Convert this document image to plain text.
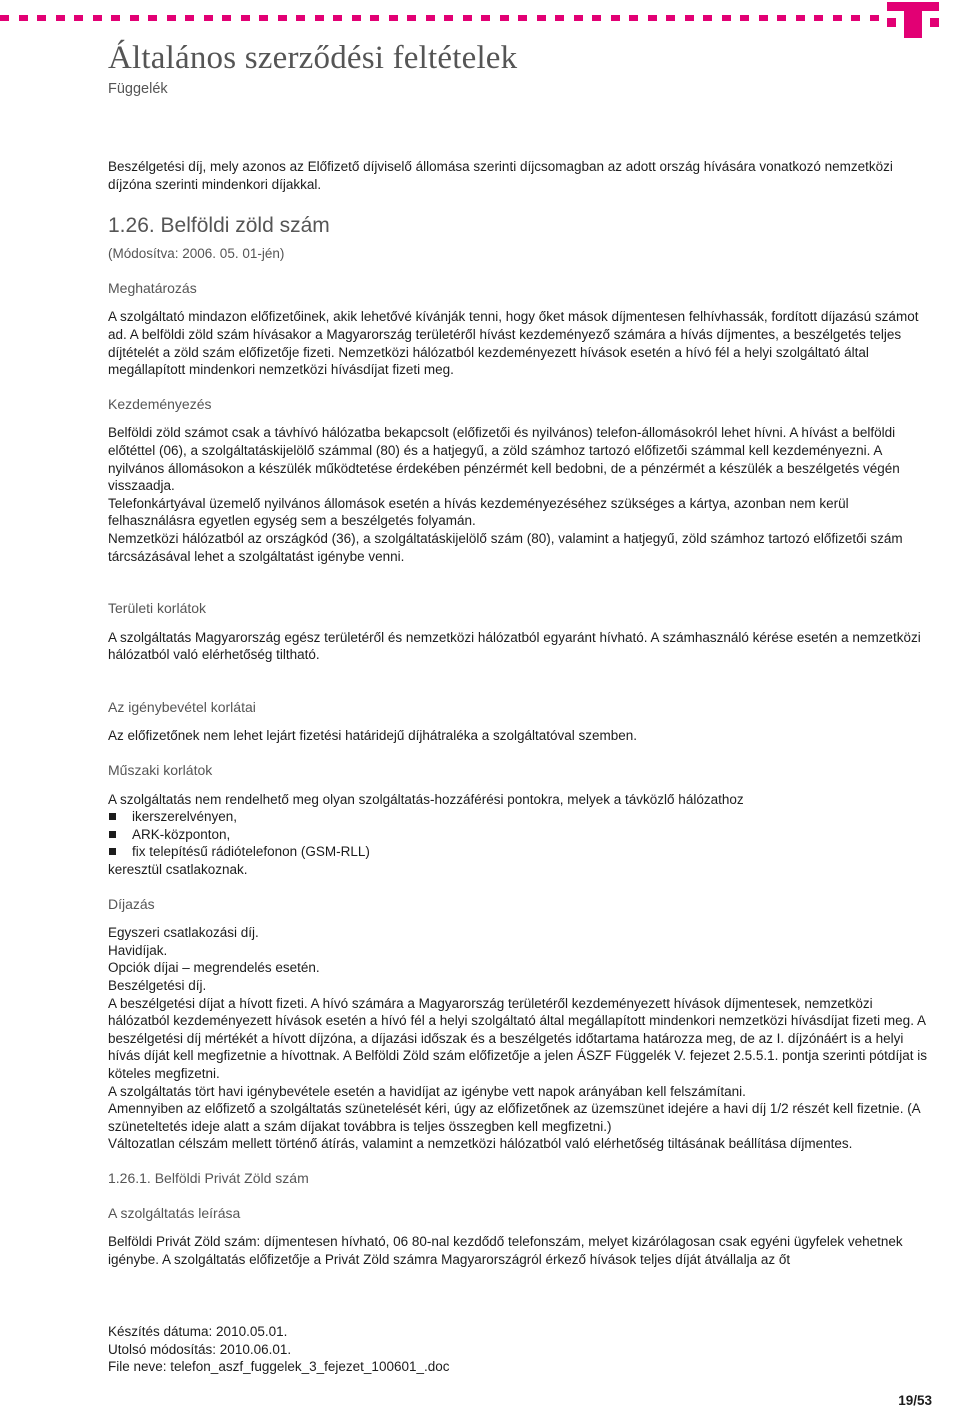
Általános szerződési feltételek
Függelék

Beszélgetési díj, mely azonos az Előfizető díjviselő állomása szerinti díjcsomagban az adott ország hívására vonatkozó nemzetközi díjzóna szerinti mindenkori díjakkal.

1.26. Belföldi zöld szám

(Módosítva: 2006. 05. 01-jén)

Meghatározás

A szolgáltató mindazon előfizetőinek, akik lehetővé kívánják tenni, hogy őket mások díjmentesen felhívhassák, fordított díjazású számot ad. A belföldi zöld szám hívásakor a Magyarország területéről hívást kezdeményező számára a hívás díjmentes, a beszélgetés teljes díjtételét a zöld szám előfizetője fizeti. Nemzetközi hálózatból kezdeményezett hívások esetén a hívó fél a helyi szolgáltató által megállapított mindenkori nemzetközi hívásdíjat fizeti meg.

Kezdeményezés

Belföldi zöld számot csak a távhívó hálózatba bekapcsolt (előfizetői és nyilvános) telefon-állomásokról lehet hívni. A hívást a belföldi előtéttel (06), a szolgáltatáskijelölő számmal (80) és a hatjegyű, a zöld számhoz tartozó előfizetői számmal kell kezdeményezni. A nyilvános állomásokon a készülék működtetése érdekében pénzérmét kell bedobni, de a pénzérmét a készülék a beszélgetés végén visszaadja.

Telefonkártyával üzemelő nyilvános állomások esetén a hívás kezdeményezéséhez szükséges a kártya, azonban nem kerül felhasználásra egyetlen egység sem a beszélgetés folyamán.

Nemzetközi hálózatból az országkód (36), a szolgáltatáskijelölő szám (80), valamint a hatjegyű, zöld számhoz tartozó előfizetői szám tárcsázásával lehet a szolgáltatást igénybe venni.

Területi korlátok

A szolgáltatás Magyarország egész területéről és nemzetközi hálózatból egyaránt hívható. A számhasználó kérése esetén a nemzetközi hálózatból való elérhetőség tiltható.

Az igénybevétel korlátai

Az előfizetőnek nem lehet lejárt fizetési határidejű díjhátraléka a szolgáltatóval szemben.

Műszaki korlátok

A szolgáltatás nem rendelhető meg olyan szolgáltatás-hozzáférési pontokra, melyek a távközlő hálózathoz

ikerszerelvényen,
ARK-központon,
fix telepítésű rádiótelefonon (GSM-RLL)

keresztül csatlakoznak.

Díjazás

Egyszeri csatlakozási díj.

Havidíjak.

Opciók díjai – megrendelés esetén.

Beszélgetési díj.

A beszélgetési díjat a hívott fizeti. A hívó számára a Magyarország területéről kezdeményezett hívások díjmentesek, nemzetközi hálózatból kezdeményezett hívások esetén a hívó fél a helyi szolgáltató által megállapított mindenkori nemzetközi hívásdíjat fizeti meg. A beszélgetési díj mértékét a hívott díjzóna, a díjazási időszak és a beszélgetés időtartama határozza meg, de az I. díjzónáért is a helyi hívás díját kell megfizetnie a hívottnak. A Belföldi Zöld szám előfizetője a jelen ÁSZF Függelék V. fejezet 2.5.5.1. pontja szerinti pótdíjat is köteles megfizetni.

A szolgáltatás tört havi igénybevétele esetén a havidíjat az igénybe vett napok arányában kell felszámítani.

Amennyiben az előfizető a szolgáltatás szünetelését kéri, úgy az előfizetőnek az üzemszünet idejére a havi díj 1/2 részét kell fizetnie. (A szüneteltetés ideje alatt a szám díjakat továbbra is teljes összegben kell megfizetni.)

Változatlan célszám mellett történő átírás, valamint a nemzetközi hálózatból való elérhetőség tiltásának beállítása díjmentes.

1.26.1. Belföldi Privát Zöld szám

A szolgáltatás leírása

Belföldi Privát Zöld szám: díjmentesen hívható, 06 80-nal kezdődő telefonszám, melyet kizárólagosan csak egyéni ügyfelek vehetnek igénybe. A szolgáltatás előfizetője a Privát Zöld számra Magyarországról érkező hívások teljes díját átvállalja az őt

Készítés dátuma: 2010.05.01.
Utolsó módosítás: 2010.06.01.
File neve: telefon_aszf_fuggelek_3_fejezet_100601_.doc
19/53
